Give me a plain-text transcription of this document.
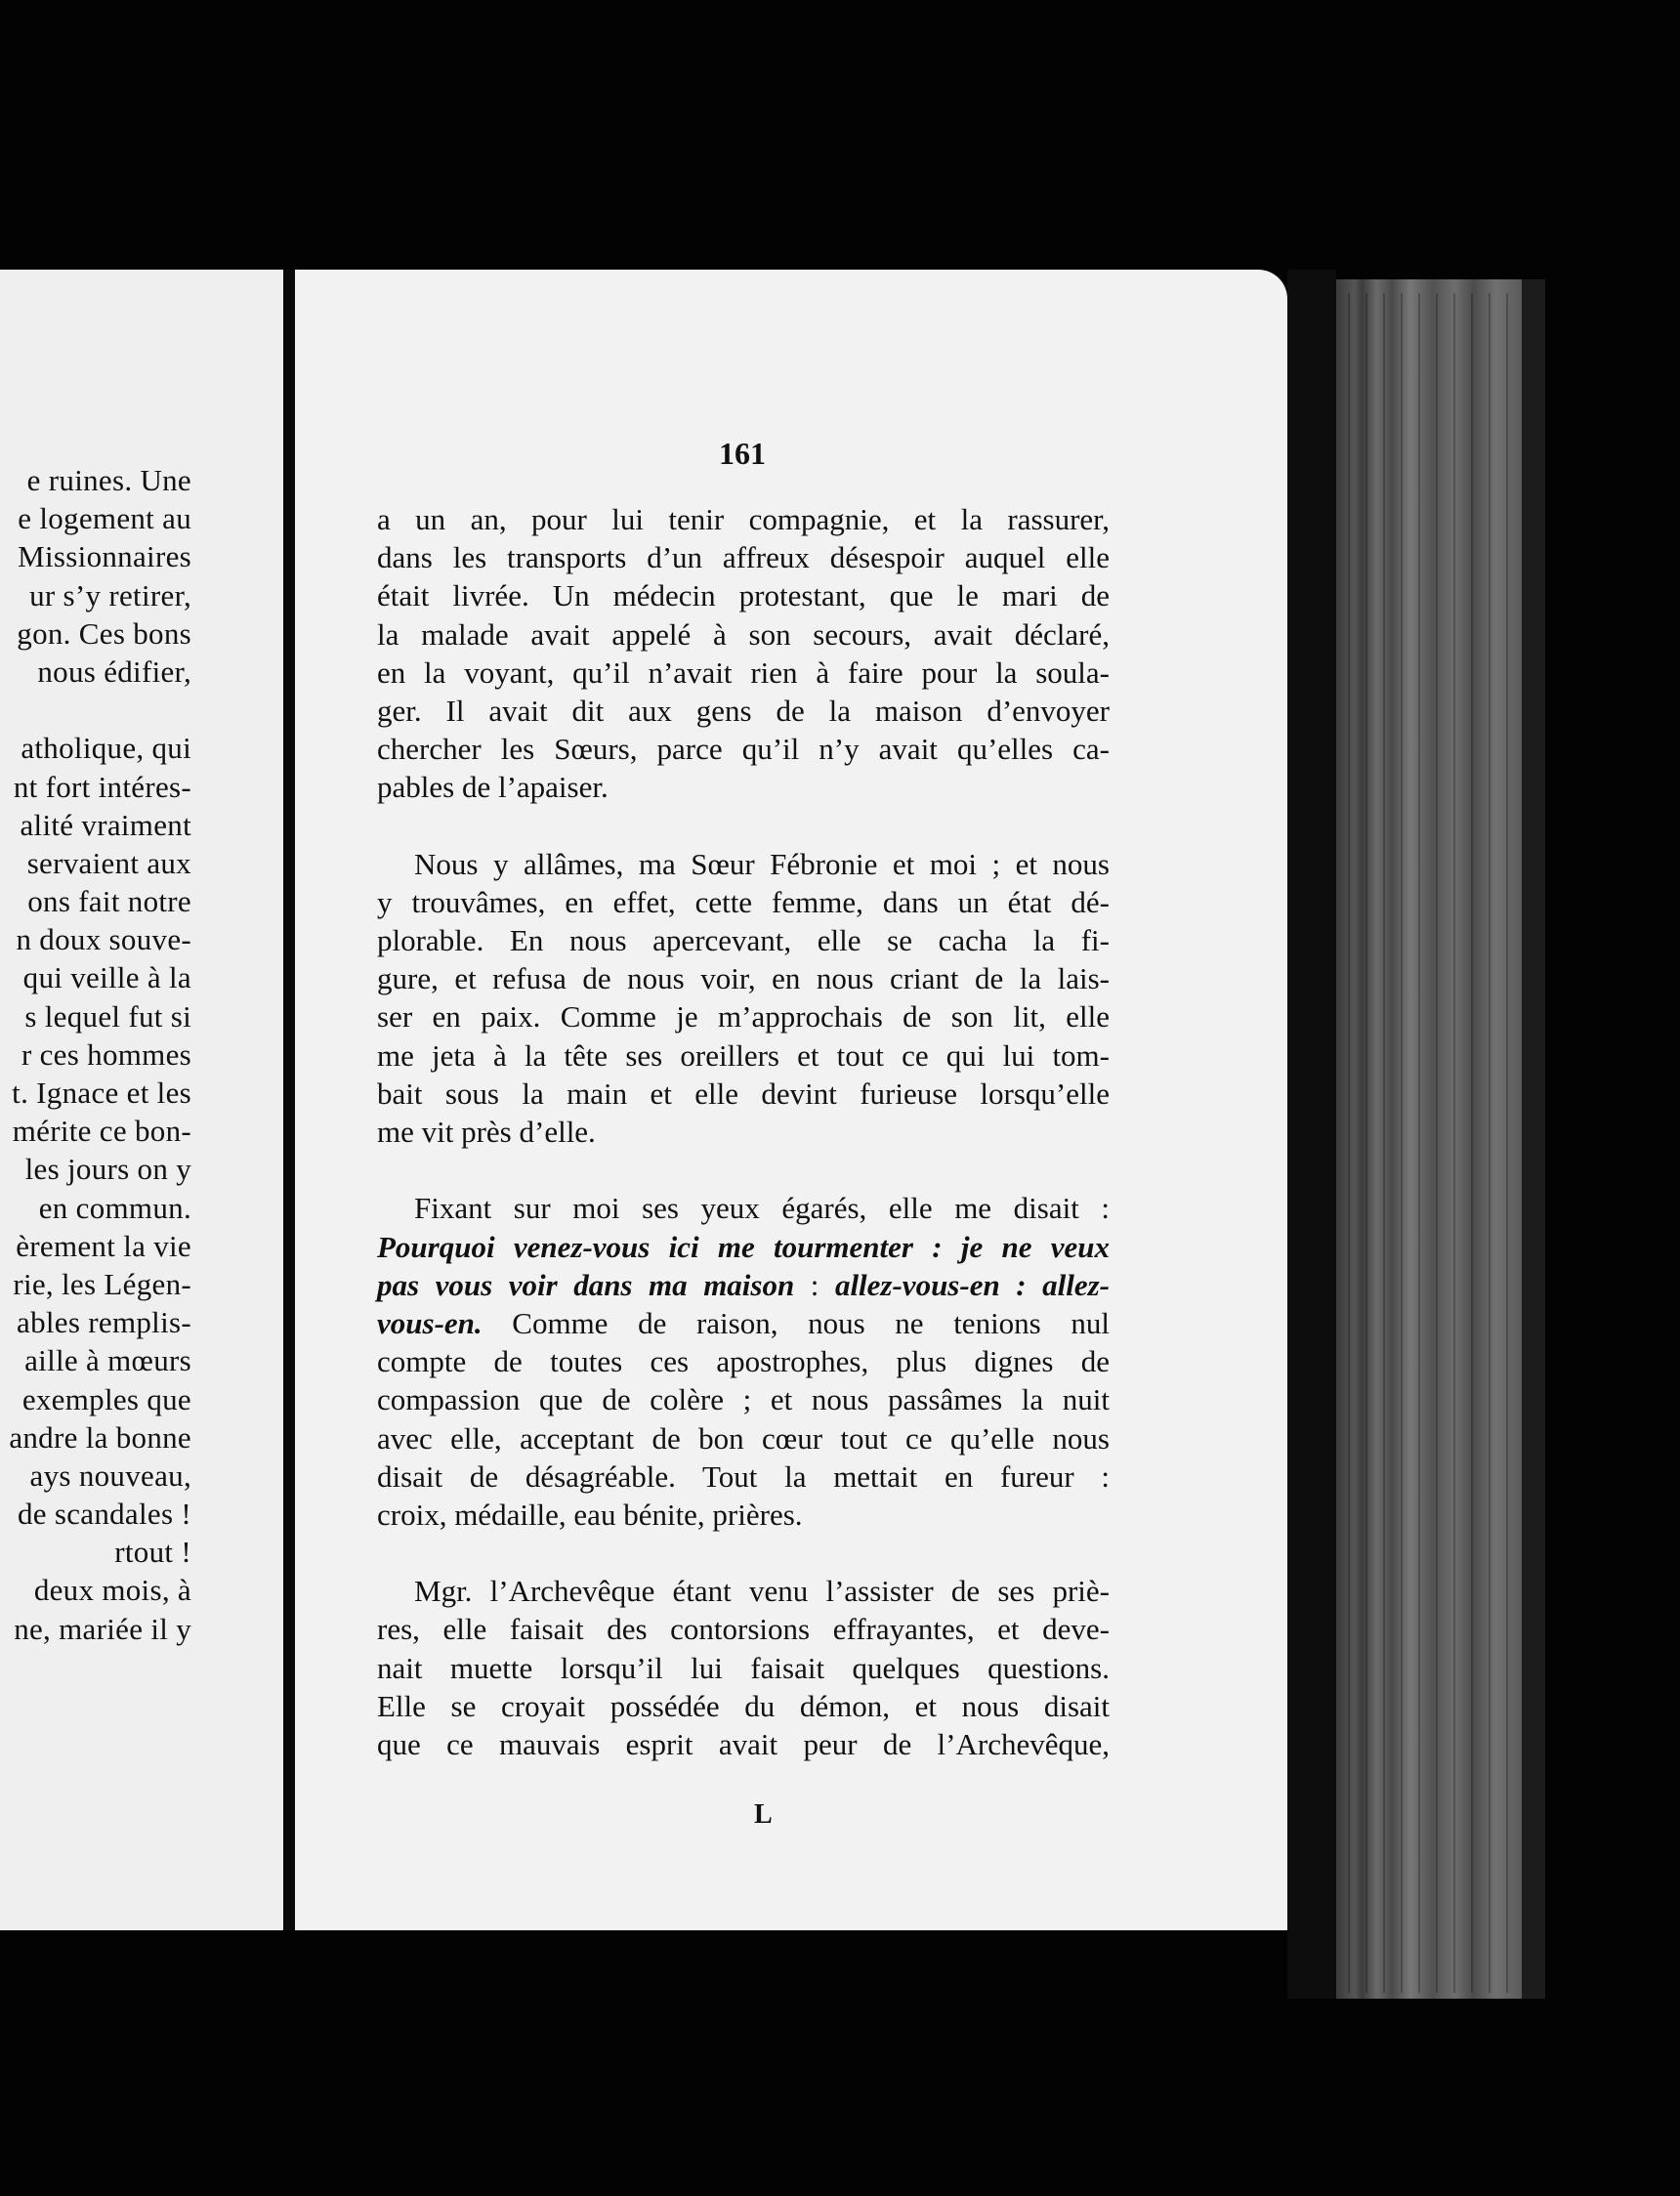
e ruines. Une
e logement au
Missionnaires
ur s’y retirer,
gon. Ces bons
nous édifier,
atholique, qui
nt fort intéres-
alité vraiment
servaient aux
ons fait notre
n doux souve-
qui veille à la
s lequel fut si
r ces hommes
t. Ignace et les
mérite ce bon-
les jours on y
en commun.
èrement la vie
rie, les Légen-
ables remplis-
aille à mœurs
exemples que
andre la bonne
ays nouveau,
de scandales !
rtout !
deux mois, à
ne, mariée il y
161
a un an, pour lui tenir compagnie, et la rassurer,
dans les transports d’un affreux désespoir auquel elle
était livrée. Un médecin protestant, que le mari de
la malade avait appelé à son secours, avait déclaré,
en la voyant, qu’il n’avait rien à faire pour la soula-
ger. Il avait dit aux gens de la maison d’envoyer
chercher les Sœurs, parce qu’il n’y avait qu’elles ca-
pables de l’apaiser.
Nous y allâmes, ma Sœur Fébronie et moi ; et nous
y trouvâmes, en effet, cette femme, dans un état dé-
plorable. En nous apercevant, elle se cacha la fi-
gure, et refusa de nous voir, en nous criant de la lais-
ser en paix. Comme je m’approchais de son lit, elle
me jeta à la tête ses oreillers et tout ce qui lui tom-
bait sous la main et elle devint furieuse lorsqu’elle
me vit près d’elle.
Fixant sur moi ses yeux égarés, elle me disait :
Pourquoi venez-vous ici me tourmenter : je ne veux
pas vous voir dans ma maison : allez-vous-en : allez-
vous-en. Comme de raison, nous ne tenions nul
compte de toutes ces apostrophes, plus dignes de
compassion que de colère ; et nous passâmes la nuit
avec elle, acceptant de bon cœur tout ce qu’elle nous
disait de désagréable. Tout la mettait en fureur :
croix, médaille, eau bénite, prières.
Mgr. l’Archevêque étant venu l’assister de ses priè-
res, elle faisait des contorsions effrayantes, et deve-
nait muette lorsqu’il lui faisait quelques questions.
Elle se croyait possédée du démon, et nous disait
que ce mauvais esprit avait peur de l’Archevêque,
L
